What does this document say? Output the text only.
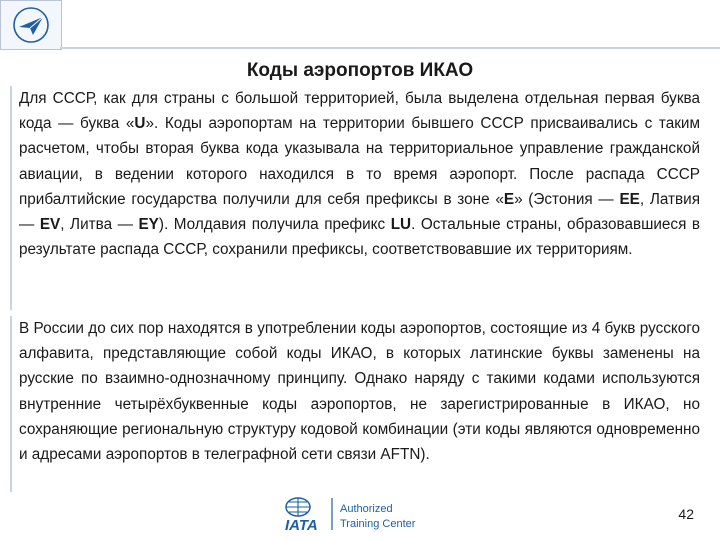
Коды аэропортов ИКАО

Для СССР, как для страны с большой территорией, была выделена отдельная первая буква кода — буква «U». Коды аэропортам на территории бывшего СССР присваивались с таким расчетом, чтобы вторая буква кода указывала на территориальное управление гражданской авиации, в ведении которого находился в то время аэропорт. После распада СССР прибалтийские государства получили для себя префиксы в зоне «E» (Эстония — EE, Латвия — EV, Литва — EY). Молдавия получила префикс LU. Остальные страны, образовавшиеся в результате распада СССР, сохранили префиксы, соответствовавшие их территориям.

В России до сих пор находятся в употреблении коды аэропортов, состоящие из 4 букв русского алфавита, представляющие собой коды ИКАО, в которых латинские буквы заменены на русские по взаимно-однозначному принципу. Однако наряду с такими кодами используются внутренние четырёхбуквенные коды аэропортов, не зарегистрированные в ИКАО, но сохраняющие региональную структуру кодовой комбинации (эти коды являются одновременно и адресами аэропортов в телеграфной сети связи AFTN).

IATA
Authorized
Training Center
42
